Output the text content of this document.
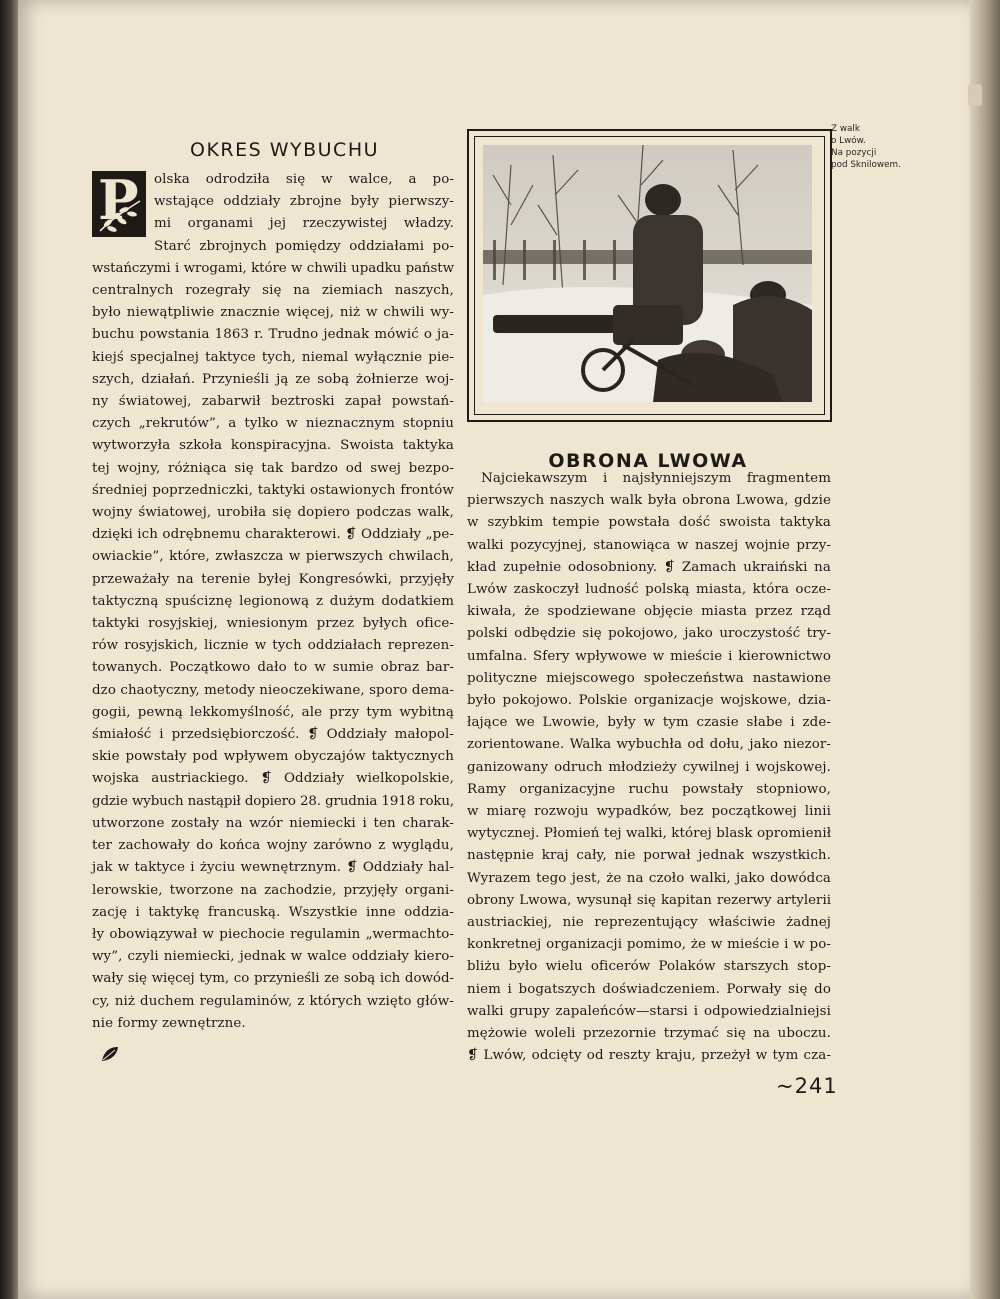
OKRES WYBUCHU
P	olska odrodziła się w walce, a po-
wstające oddziały zbrojne były pierwszy-
mi organami jej rzeczywistej władzy.
Starć zbrojnych pomiędzy oddziałami po-
wstańczymi i wrogami, które w chwili upadku państw
centralnych rozegrały się na ziemiach naszych,
było niewątpliwie znacznie więcej, niż w chwili wy-
buchu powstania 1863 r. Trudno jednak mówić o ja-
kiejś specjalnej taktyce tych, niemal wyłącznie pie-
szych, działań. Przynieśli ją ze sobą żołnierze woj-
ny światowej, zabarwił beztroski zapał powstań-
czych „rekrutów”, a tylko w nieznacznym stopniu
wytworzyła szkoła konspiracyjna. Swoista taktyka
tej wojny, różniąca się tak bardzo od swej bezpo-
średniej poprzedniczki, taktyki ostawionych frontów
wojny światowej, urobiła się dopiero podczas walk,
dzięki ich odrębnemu charakterowi. ❡ Oddziały „pe-
owiackie”, które, zwłaszcza w pierwszych chwilach,
przeważały na terenie byłej Kongresówki, przyjęły
taktyczną spuściznę legionową z dużym dodatkiem
taktyki rosyjskiej, wniesionym przez byłych ofice-
rów rosyjskich, licznie w tych oddziałach reprezen-
towanych. Początkowo dało to w sumie obraz bar-
dzo chaotyczny, metody nieoczekiwane, sporo dema-
gogii, pewną lekkomyślność, ale przy tym wybitną
śmiałość i przedsiębiorczość. ❡ Oddziały małopol-
skie powstały pod wpływem obyczajów taktycznych
wojska austriackiego. ❡ Oddziały wielkopolskie,
gdzie wybuch nastąpił dopiero 28. grudnia 1918 roku,
utworzone zostały na wzór niemiecki i ten charak-
ter zachowały do końca wojny zarówno z wyglądu,
jak w taktyce i życiu wewnętrznym. ❡ Oddziały hal-
lerowskie, tworzone na zachodzie, przyjęły organi-
zację i taktykę francuską. Wszystkie inne oddzia-
ły obowiązywał w piechocie regulamin „wermachto-
wy”, czyli niemiecki, jednak w walce oddziały kiero-
wały się więcej tym, co przynieśli ze sobą ich dowód-
cy, niż duchem regulaminów, z których wzięto głów-
nie formy zewnętrzne.
Z walk
o Lwów.
Na pozycji
pod Sknilowem.
OBRONA LWOWA
Najciekawszym i najsłynniejszym fragmentem
pierwszych naszych walk była obrona Lwowa, gdzie
w szybkim tempie powstała dość swoista taktyka
walki pozycyjnej, stanowiąca w naszej wojnie przy-
kład zupełnie odosobniony. ❡ Zamach ukraiński na
Lwów zaskoczył ludność polską miasta, która ocze-
kiwała, że spodziewane objęcie miasta przez rząd
polski odbędzie się pokojowo, jako uroczystość try-
umfalna. Sfery wpływowe w mieście i kierownictwo
polityczne miejscowego społeczeństwa nastawione
było pokojowo. Polskie organizacje wojskowe, dzia-
łające we Lwowie, były w tym czasie słabe i zde-
zorientowane. Walka wybuchła od dołu, jako niezor-
ganizowany odruch młodzieży cywilnej i wojskowej.
Ramy organizacyjne ruchu powstały stopniowo,
w miarę rozwoju wypadków, bez początkowej linii
wytycznej. Płomień tej walki, której blask opromienił
następnie kraj cały, nie porwał jednak wszystkich.
Wyrazem tego jest, że na czoło walki, jako dowódca
obrony Lwowa, wysunął się kapitan rezerwy artylerii
austriackiej, nie reprezentujący właściwie żadnej
konkretnej organizacji pomimo, że w mieście i w po-
bliżu było wielu oficerów Polaków starszych stop-
niem i bogatszych doświadczeniem. Porwały się do
walki grupy zapaleńców—starsi i odpowiedzialniejsi
mężowie woleli przezornie trzymać się na uboczu.
❡ Lwów, odcięty od reszty kraju, przeżył w tym cza-
~241
